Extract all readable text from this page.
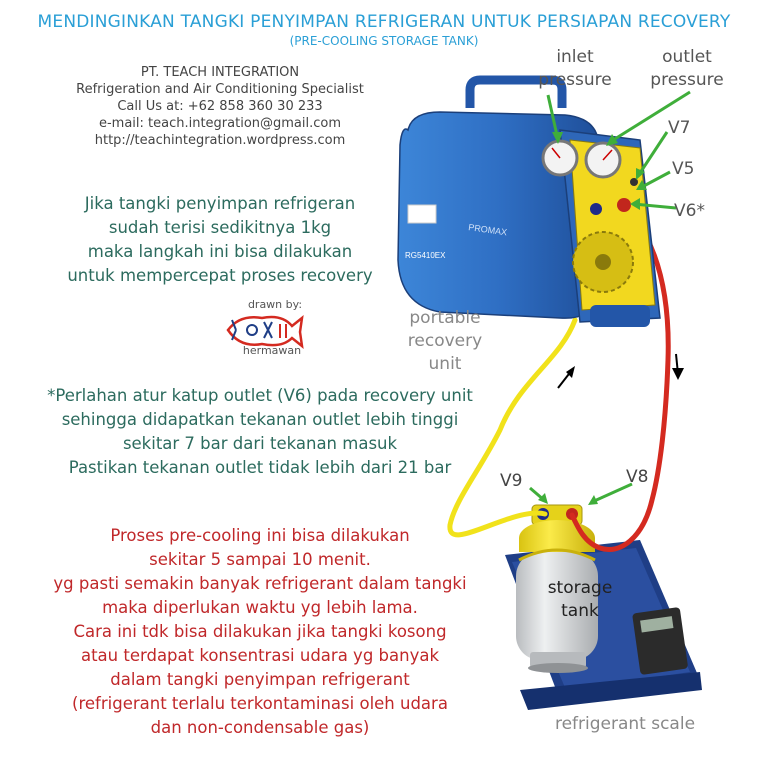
PROMAX
RG5410EX
MENDINGINKAN TANGKI PENYIMPAN REFRIGERAN UNTUK PERSIAPAN RECOVERY
(PRE-COOLING STORAGE TANK)
PT. TEACH INTEGRATION
Refrigeration and Air Conditioning Specialist
Call Us at: +62 858 360 30 233
e-mail: teach.integration@gmail.com
http://teachintegration.wordpress.com
Jika tangki penyimpan refrigeran
sudah terisi sedikitnya 1kg
maka langkah ini bisa dilakukan
untuk mempercepat proses recovery
drawn by:
hermawan
*Perlahan atur katup outlet (V6) pada recovery unit
sehingga didapatkan tekanan outlet lebih tinggi
sekitar 7 bar dari tekanan masuk
Pastikan tekanan outlet tidak lebih dari 21 bar
Proses pre-cooling ini bisa dilakukan
sekitar 5 sampai 10 menit.
yg pasti semakin banyak refrigerant dalam tangki
maka diperlukan waktu yg lebih lama.
Cara ini tdk bisa dilakukan jika tangki kosong
atau terdapat konsentrasi udara yg banyak
dalam tangki penyimpan refrigerant
(refrigerant terlalu terkontaminasi oleh udara
dan non-condensable gas)
inlet
pressure
outlet
pressure
V7
V5
V6*
portable
recovery
unit
V9	V8
storage
tank
refrigerant scale
